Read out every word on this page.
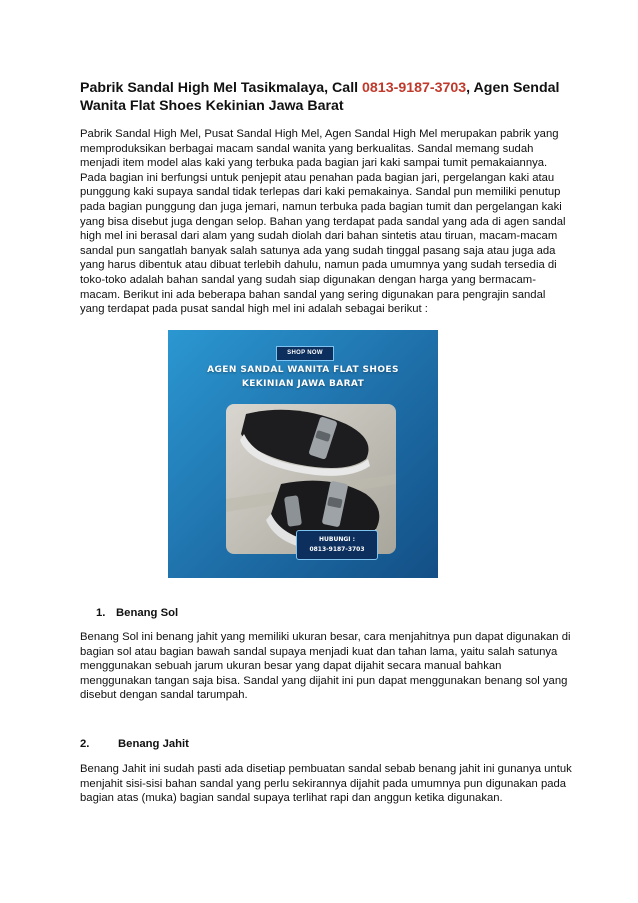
Pabrik Sandal High Mel Tasikmalaya, Call 0813-9187-3703, Agen Sendal Wanita Flat Shoes Kekinian Jawa Barat

Pabrik Sandal High Mel, Pusat Sandal High Mel, Agen Sandal High Mel merupakan pabrik yang memproduksikan berbagai macam sandal wanita yang berkualitas. Sandal memang sudah menjadi item model alas kaki yang terbuka pada bagian jari kaki sampai tumit pemakaiannya. Pada bagian ini berfungsi untuk penjepit atau penahan pada bagian jari, pergelangan kaki atau punggung kaki supaya sandal tidak terlepas dari kaki pemakainya. Sandal pun memiliki penutup pada bagian punggung dan juga jemari, namun terbuka pada bagian tumit dan pergelangan kaki yang bisa disebut juga dengan selop. Bahan yang terdapat pada sandal yang ada di agen sandal high mel ini berasal dari alam yang sudah diolah dari bahan sintetis atau tiruan, macam-macam sandal pun sangatlah banyak salah satunya ada yang sudah tinggal pasang saja atau juga ada yang harus dibentuk atau dibuat terlebih dahulu, namun pada umumnya yang sudah tersedia di toko-toko adalah bahan sandal yang sudah siap digunakan dengan harga yang bermacam-macam. Berikut ini ada beberapa bahan sandal yang sering digunakan para pengrajin sandal yang terdapat pada pusat sandal high mel ini adalah sebagai berikut :

1. Benang Sol

Benang Sol ini benang jahit yang memiliki ukuran besar, cara menjahitnya pun dapat digunakan di bagian sol atau bagian bawah sandal supaya menjadi kuat dan tahan lama, yaitu salah satunya menggunakan sebuah jarum ukuran besar yang dapat dijahit secara manual bahkan menggunakan tangan saja bisa. Sandal yang dijahit ini pun dapat menggunakan benang sol yang disebut dengan sandal tarumpah.

2.	Benang Jahit

Benang Jahit ini sudah pasti ada disetiap pembuatan sandal sebab benang jahit ini gunanya untuk menjahit sisi-sisi bahan sandal yang perlu sekirannya dijahit pada umumnya pun digunakan pada bagian atas (muka) bagian sandal supaya terlihat rapi dan anggun ketika digunakan.

SHOP NOW

AGEN SANDAL WANITA FLAT SHOES

KEKINIAN JAWA BARAT

HUBUNGI :
0813-9187-3703
